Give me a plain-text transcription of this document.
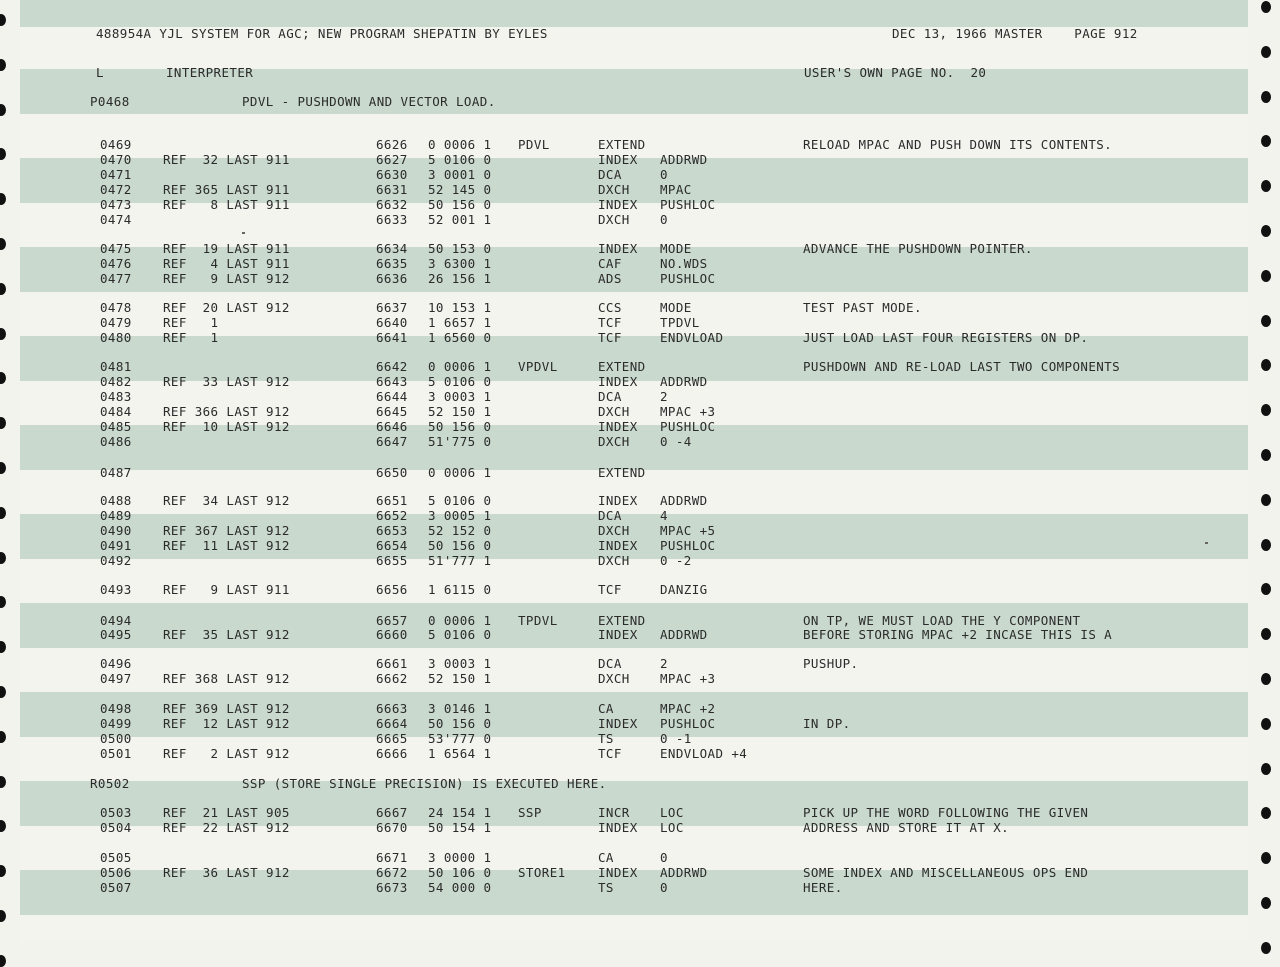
488954A YJL SYSTEM FOR AGC; NEW PROGRAM SHEPATIN BY EYLES	DEC 13, 1966 MASTER    PAGE 912
L	INTERPRETER	USER'S OWN PAGE NO.  20
P0468	PDVL - PUSHDOWN AND VECTOR LOAD.
R0502	SSP (STORE SINGLE PRECISION) IS EXECUTED HERE.
0469	6626 0 0006 1 PDVL	EXTEND	RELOAD MPAC AND PUSH DOWN ITS CONTENTS.
0470	REF  32 LAST 911	6627 5 0106 0	INDEX ADDRWD
0471	6630 3 0001 0	DCA	0
0472	REF 365 LAST 911	6631 52 145 0	DXCH MPAC
0473	REF   8 LAST 911	6632 50 156 0	INDEX PUSHLOC
0474	6633 52 001 1	DXCH 0
0475	REF  19 LAST 911	6634 50 153 0	INDEX MODE	ADVANCE THE PUSHDOWN POINTER.
0476	REF   4 LAST 911	6635 3 6300 1	CAF	NO.WDS
0477	REF   9 LAST 912	6636 26 156 1	ADS	PUSHLOC
0478	REF  20 LAST 912	6637 10 153 1	CCS	MODE	TEST PAST MODE.
0479	REF   1	6640 1 6657 1	TCF	TPDVL
0480	REF   1	6641 1 6560 0	TCF	ENDVLOAD	JUST LOAD LAST FOUR REGISTERS ON DP.
0481	6642 0 0006 1 VPDVL	EXTEND	PUSHDOWN AND RE-LOAD LAST TWO COMPONENTS
0482	REF  33 LAST 912	6643 5 0106 0	INDEX ADDRWD
0483	6644 3 0003 1	DCA	2
0484	REF 366 LAST 912	6645 52 150 1	DXCH MPAC +3
0485	REF  10 LAST 912	6646 50 156 0	INDEX PUSHLOC
0486	6647 51'775 0	DXCH 0 -4
0487	6650 0 0006 1	EXTEND
0488	REF  34 LAST 912	6651 5 0106 0	INDEX ADDRWD
0489	6652 3 0005 1	DCA	4
0490	REF 367 LAST 912	6653 52 152 0	DXCH MPAC +5
0491	REF  11 LAST 912	6654 50 156 0	INDEX PUSHLOC
0492	6655 51'777 1	DXCH 0 -2
0493	REF   9 LAST 911	6656 1 6115 0	TCF	DANZIG
0494	6657 0 0006 1 TPDVL	EXTEND	ON TP, WE MUST LOAD THE Y COMPONENT
0495	REF  35 LAST 912	6660 5 0106 0	INDEX ADDRWD	BEFORE STORING MPAC +2 INCASE THIS IS A
0496	6661 3 0003 1	DCA	2	PUSHUP.
0497	REF 368 LAST 912	6662 52 150 1	DXCH MPAC +3
0498	REF 369 LAST 912	6663 3 0146 1	CA	MPAC +2
0499	REF  12 LAST 912	6664 50 156 0	INDEX PUSHLOC	IN DP.
0500	6665 53'777 0	TS	0 -1
0501	REF   2 LAST 912	6666 1 6564 1	TCF	ENDVLOAD +4
0503	REF  21 LAST 905	6667 24 154 1 SSP	INCR LOC	PICK UP THE WORD FOLLOWING THE GIVEN
0504	REF  22 LAST 912	6670 50 154 1	INDEX LOC	ADDRESS AND STORE IT AT X.
0505	6671 3 0000 1	CA	0
0506	REF  36 LAST 912	6672 50 106 0 STORE1	INDEX ADDRWD	SOME INDEX AND MISCELLANEOUS OPS END
0507	6673 54 000 0	TS	0	HERE.
